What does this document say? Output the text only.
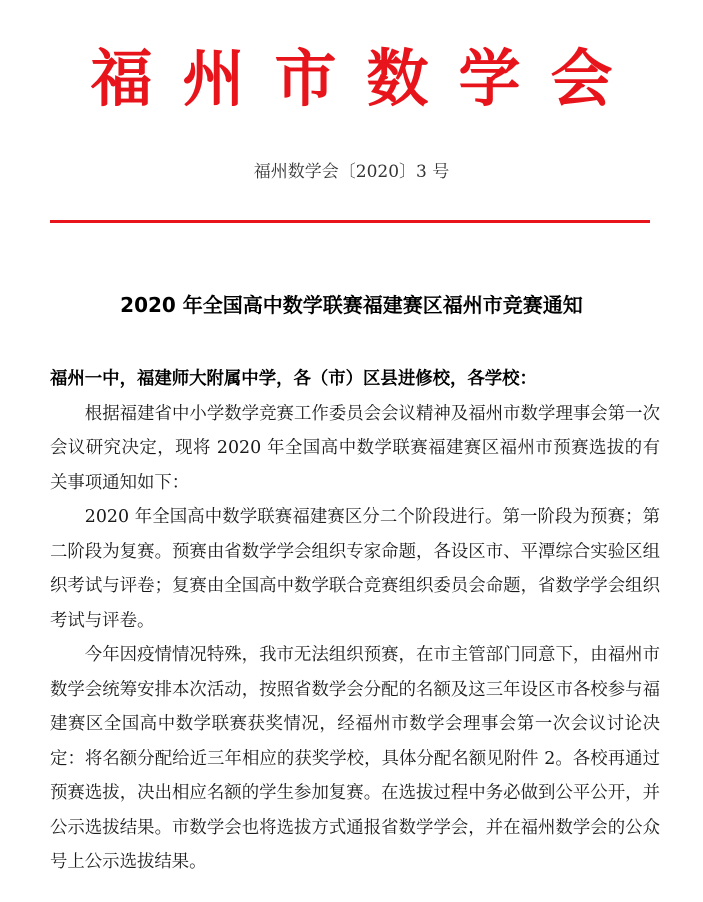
福州市数学会
福州数学会〔2020〕3 号
2020 年全国高中数学联赛福建赛区福州市竞赛通知

福州一中，福建师大附属中学，各（市）区县进修校，各学校：

根据福建省中小学数学竞赛工作委员会会议精神及福州市数学理事会第一次会议研究决定，现将 2020 年全国高中数学联赛福建赛区福州市预赛选拔的有关事项通知如下：

2020 年全国高中数学联赛福建赛区分二个阶段进行。第一阶段为预赛；第二阶段为复赛。预赛由省数学学会组织专家命题，各设区市、平潭综合实验区组织考试与评卷；复赛由全国高中数学联合竞赛组织委员会命题，省数学学会组织考试与评卷。

今年因疫情情况特殊，我市无法组织预赛，在市主管部门同意下，由福州市数学会统筹安排本次活动，按照省数学会分配的名额及这三年设区市各校参与福建赛区全国高中数学联赛获奖情况，经福州市数学会理事会第一次会议讨论决定：将名额分配给近三年相应的获奖学校，具体分配名额见附件 2。各校再通过预赛选拔，决出相应名额的学生参加复赛。在选拔过程中务必做到公平公开，并公示选拔结果。市数学会也将选拔方式通报省数学学会，并在福州数学会的公众号上公示选拔结果。
